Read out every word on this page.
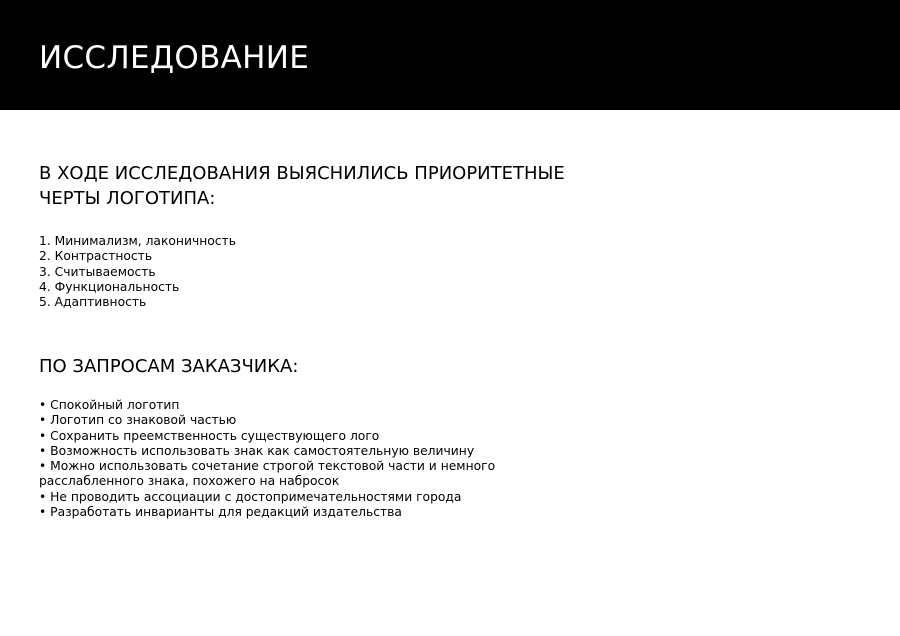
ИССЛЕДОВАНИЕ
В ХОДЕ ИССЛЕДОВАНИЯ ВЫЯСНИЛИСЬ ПРИОРИТЕТНЫЕ
ЧЕРТЫ ЛОГОТИПА:
1. Минимализм, лаконичность
2. Контрастность
3. Считываемость
4. Функциональность
5. Адаптивность
ПО ЗАПРОСАМ ЗАКАЗЧИКА:
• Спокойный логотип
• Логотип со знаковой частью
• Сохранить преемственность существующего лого
• Возможность использовать знак как самостоятельную величину
• Можно использовать сочетание строгой текстовой части и немного
расслабленного знака, похожего на набросок
• Не проводить ассоциации с достопримечательностями города
• Разработать инварианты для редакций издательства
